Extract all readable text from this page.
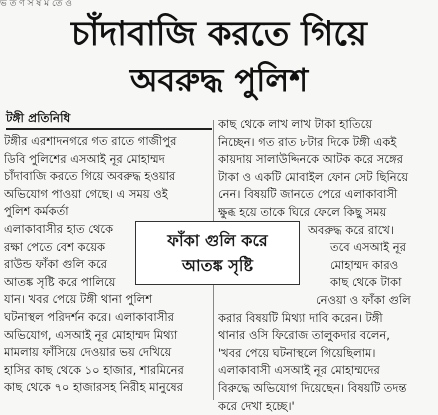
ভ ত ণ স ষ ম তে ও
চাঁদাবাজি করতে গিয়ে
অবরুদ্ধ পুলিশ
টঙ্গী প্রতিনিধি
টঙ্গীর এরশাদনগরে গত রাতে গাজীপুর
ডিবি পুলিশের এসআই নূর মোহাম্মদ
চাঁদাবাজি করতে গিয়ে অবরুদ্ধ হওয়ার
অভিযোগ পাওয়া গেছে। এ সময় ওই
পুলিশ কর্মকর্তা
এলাকাবাসীর হাত থেকে
রক্ষা পেতে বেশ কয়েক
রাউন্ড ফাঁকা গুলি করে
আতঙ্ক সৃষ্টি করে পালিয়ে
যান। খবর পেয়ে টঙ্গী থানা পুলিশ
ঘটনাস্থল পরিদর্শন করে। এলাকাবাসীর
অভিযোগ, এসআই নূর মোহাম্মদ মিথ্যা
মামলায় ফাঁসিয়ে দেওয়ার ভয় দেখিয়ে
হাসির কাছ থেকে ১০ হাজার, শারমিনের
কাছ থেকে ৭০ হাজারসহ নিরীহ মানুষের
কাছ থেকে লাখ লাখ টাকা হাতিয়ে
নিচ্ছেন। গত রাত ৮টার দিকে টঙ্গী একই
কায়দায় সালাউদ্দিনকে আটক করে সঙ্গের
টাকা ও একটি মোবাইল ফোন সেট ছিনিয়ে
নেন। বিষয়টি জানতে পেরে এলাকাবাসী
ক্ষুব্ধ হয়ে তাকে ঘিরে ফেলে কিছু সময়
অবরুদ্ধ করে রাখে।
তবে এসআই নূর
মোহাম্মদ কারও
কাছ থেকে টাকা
নেওয়া ও ফাঁকা গুলি
করার বিষয়টি মিথ্যা দাবি করেন। টঙ্গী
থানার ওসি ফিরোজ তালুকদার বলেন,
'খবর পেয়ে ঘটনাস্থলে গিয়েছিলাম।
এলাকাবাসী এসআই নূর মোহাম্মদের
বিরুদ্ধে অভিযোগ দিয়েছেন। বিষয়টি তদন্ত
করে দেখা হচ্ছে।'
ফাঁকা গুলি করে
আতঙ্ক সৃষ্টি
